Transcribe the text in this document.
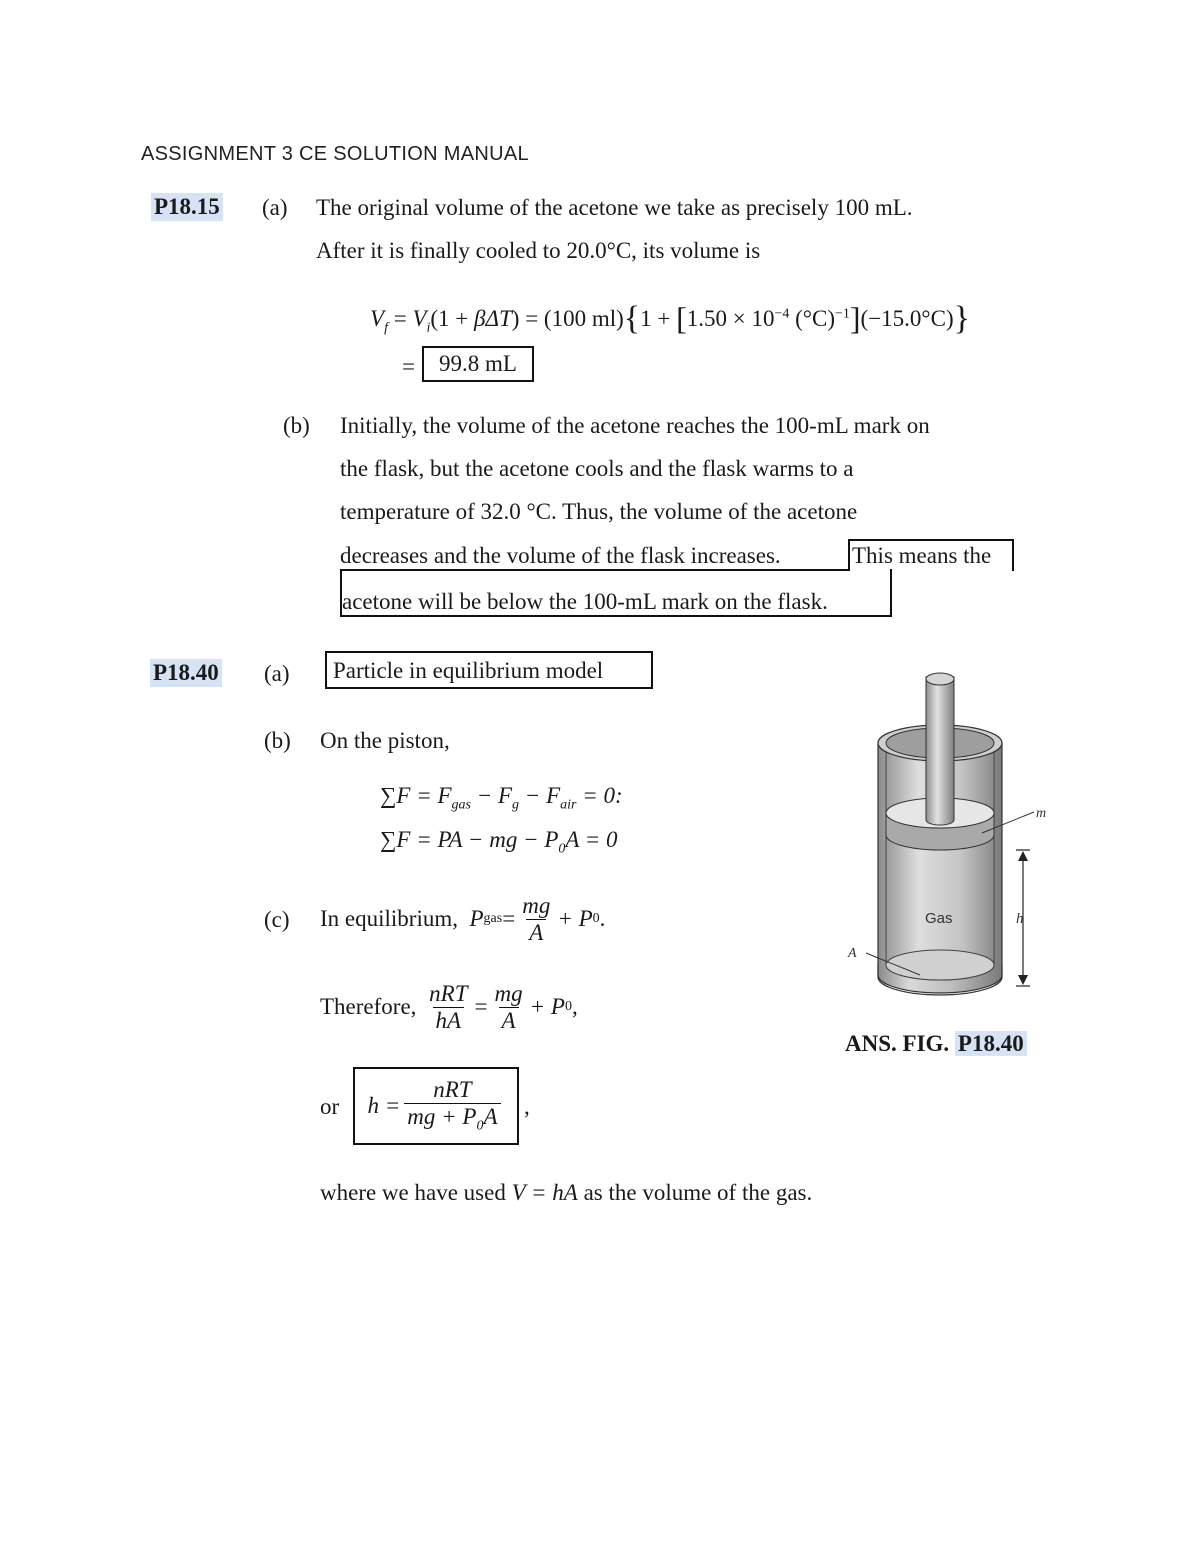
ASSIGNMENT 3 CE SOLUTION MANUAL
P18.15 (a) The original volume of the acetone we take as precisely 100 mL.
After it is finally cooled to 20.0°C, its volume is
$V_f = V_i(1 + \beta\Delta T) = (100$ $ml)\{1 + [1.50 \times 10^{-4}$ $(^\circ C)^{-1}](-15.0^\circ C)$}
=	99.8 mL
(b) Initially, the volume of the acetone reaches the 100-mL mark on
the flask, but the acetone cools and the flask warms to a
temperature of 32.0 °C. Thus, the volume of the acetone
decreases and the volume of the flask increases.	This means the
acetone will be below the 100-mL mark on the flask.
P18.40 (a)	Particle in equilibrium model
(b) On the piston,
$\sum F = F_{gas} - F_g - F_{air} = 0$:
∑F = PA − mg − $P_0A = 0$
(c) In equilibrium,
P gas = $\frac{mg}{A} + P$ 0 .
Therefore,
$\frac{\text{nRT}}{hA} = \frac{mg}{A} + P$ 0 ,
or $h = \frac{\text{nRT}}{mg + P_0A}$ ,
where we have used V = hA as the volume of the gas.
m
Gas	h
A
ANS. FIG. P18.40
